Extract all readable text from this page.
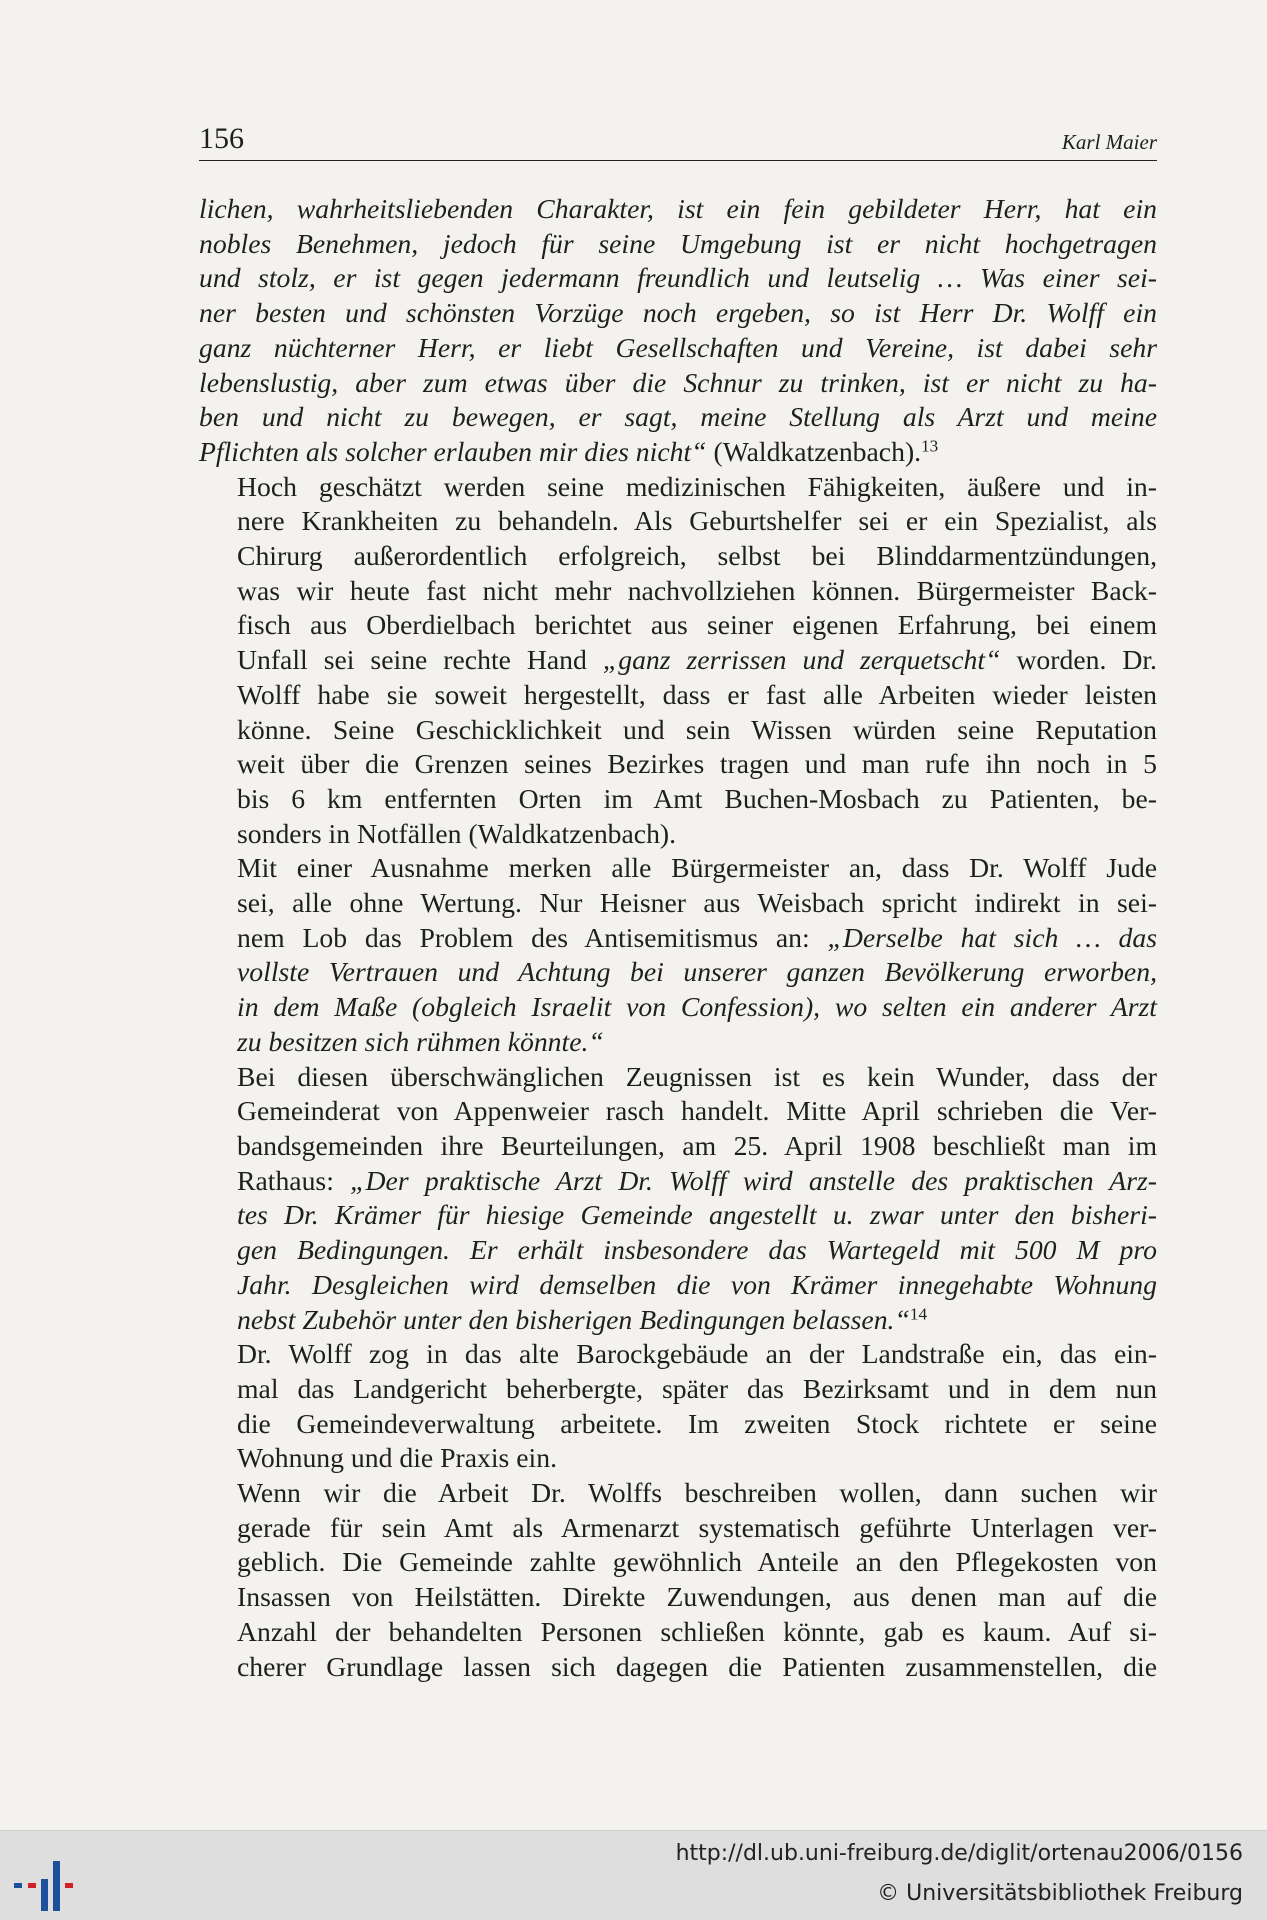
156	Karl Maier

lichen, wahrheitsliebenden Charakter, ist ein fein gebildeter Herr, hat ein
nobles Benehmen, jedoch für seine Umgebung ist er nicht hochgetragen
und stolz, er ist gegen jedermann freundlich und leutselig … Was einer sei-
ner besten und schönsten Vorzüge noch ergeben, so ist Herr Dr. Wolff ein
ganz nüchterner Herr, er liebt Gesellschaften und Vereine, ist dabei sehr
lebenslustig, aber zum etwas über die Schnur zu trinken, ist er nicht zu ha-
ben und nicht zu bewegen, er sagt, meine Stellung als Arzt und meine
Pflichten als solcher erlauben mir dies nicht“ (Waldkatzenbach).$^{13}$

Hoch geschätzt werden seine medizinischen Fähigkeiten, äußere und in-
nere Krankheiten zu behandeln. Als Geburtshelfer sei er ein Spezialist, als
Chirurg außerordentlich erfolgreich, selbst bei Blinddarmentzündungen,
was wir heute fast nicht mehr nachvollziehen können. Bürgermeister Back-
fisch aus Oberdielbach berichtet aus seiner eigenen Erfahrung, bei einem
Unfall sei seine rechte Hand „ganz zerrissen und zerquetscht“ worden. Dr.
Wolff habe sie soweit hergestellt, dass er fast alle Arbeiten wieder leisten
könne. Seine Geschicklichkeit und sein Wissen würden seine Reputation
weit über die Grenzen seines Bezirkes tragen und man rufe ihn noch in 5
bis 6 km entfernten Orten im Amt Buchen-Mosbach zu Patienten, be-
sonders in Notfällen (Waldkatzenbach).

Mit einer Ausnahme merken alle Bürgermeister an, dass Dr. Wolff Jude
sei, alle ohne Wertung. Nur Heisner aus Weisbach spricht indirekt in sei-
nem Lob das Problem des Antisemitismus an: „Derselbe hat sich … das
vollste Vertrauen und Achtung bei unserer ganzen Bevölkerung erworben,
in dem Maße (obgleich Israelit von Confession), wo selten ein anderer Arzt
zu besitzen sich rühmen könnte.“

Bei diesen überschwänglichen Zeugnissen ist es kein Wunder, dass der
Gemeinderat von Appenweier rasch handelt. Mitte April schrieben die Ver-
bandsgemeinden ihre Beurteilungen, am 25. April 1908 beschließt man im
Rathaus: „Der praktische Arzt Dr. Wolff wird anstelle des praktischen Arz-
tes Dr. Krämer für hiesige Gemeinde angestellt u. zwar unter den bisheri-
gen Bedingungen. Er erhält insbesondere das Wartegeld mit 500 M pro
Jahr. Desgleichen wird demselben die von Krämer innegehabte Wohnung
nebst Zubehör unter den bisherigen Bedingungen belassen.“$^{14}$

Dr. Wolff zog in das alte Barockgebäude an der Landstraße ein, das ein-
mal das Landgericht beherbergte, später das Bezirksamt und in dem nun
die Gemeindeverwaltung arbeitete. Im zweiten Stock richtete er seine
Wohnung und die Praxis ein.

Wenn wir die Arbeit Dr. Wolffs beschreiben wollen, dann suchen wir
gerade für sein Amt als Armenarzt systematisch geführte Unterlagen ver-
geblich. Die Gemeinde zahlte gewöhnlich Anteile an den Pflegekosten von
Insassen von Heilstätten. Direkte Zuwendungen, aus denen man auf die
Anzahl der behandelten Personen schließen könnte, gab es kaum. Auf si-
cherer Grundlage lassen sich dagegen die Patienten zusammenstellen, die

http://dl.ub.uni-freiburg.de/diglit/ortenau2006/0156
© Universitätsbibliothek Freiburg
